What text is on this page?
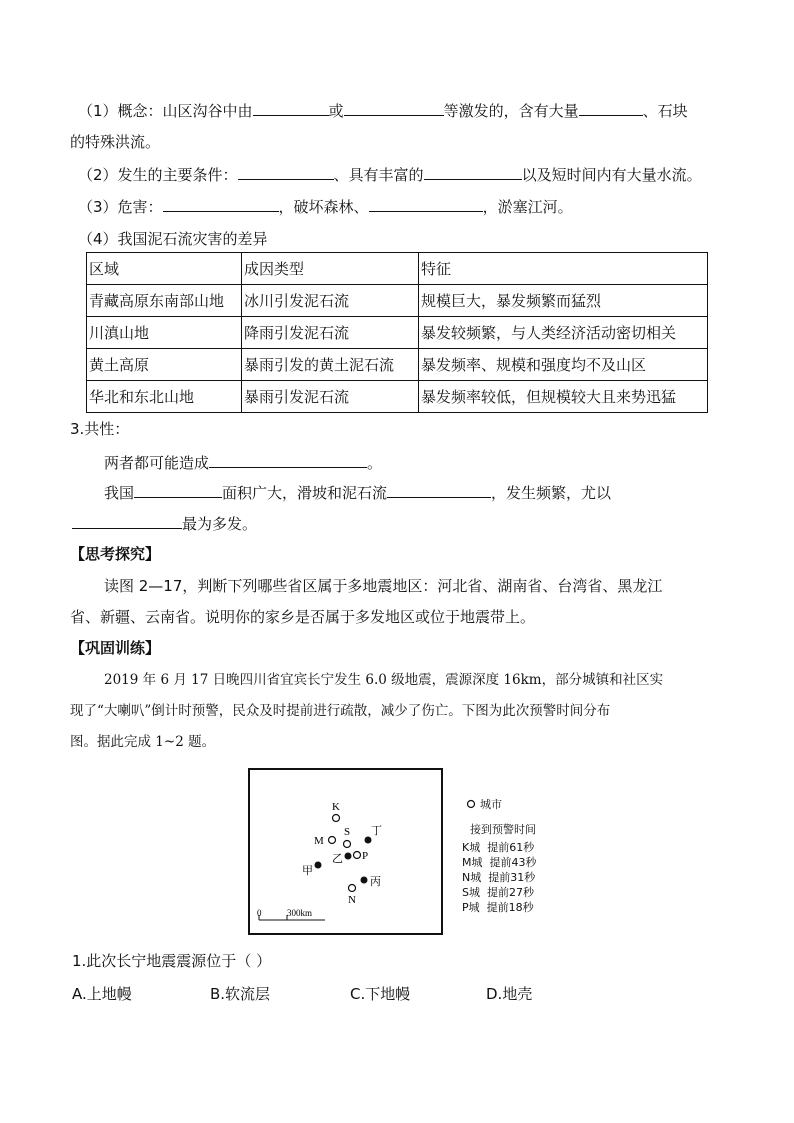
（1）概念：山区沟谷中由	或	等激发的，含有大量	、石块
的特殊洪流。
（2）发生的主要条件：	、具有丰富的	以及短时间内有大量水流。
（3）危害：	，破坏森林、	，淤塞江河。
（4）我国泥石流灾害的差异
区域	成因类型	特征
青藏高原东南部山地	冰川引发泥石流	规模巨大，暴发频繁而猛烈
川滇山地	降雨引发泥石流	暴发较频繁，与人类经济活动密切相关
黄土高原	暴雨引发的黄土泥石流	暴发频率、规模和强度均不及山区
华北和东北山地	暴雨引发泥石流	暴发频率较低，但规模较大且来势迅猛
3.共性：
两者都可能造成	。
我国	面积广大，滑坡和泥石流	，发生频繁，尤以
最为多发。
【思考探究】
读图 2—17，判断下列哪些省区属于多地震地区：河北省、湖南省、台湾省、黑龙江
省、新疆、云南省。说明你的家乡是否属于多发地区或位于地震带上。
【巩固训练】
2019 年 6 月 17 日晚四川省宜宾长宁发生 6.0 级地震，震源深度 16km，部分城镇和社区实
现了“大喇叭”倒计时预警，民众及时提前进行疏散，减少了伤亡。下图为此次预警时间分布
图。据此完成 1~2 题。
K
M
S
P
N
丁
乙
甲
丙
0	300km
城市
接到预警时间
K城 提前61秒
M城 提前43秒
N城 提前31秒
S城 提前27秒
P城 提前18秒
1.此次长宁地震震源位于（ ）
A.上地幔	B.软流层	C.下地幔	D.地壳
